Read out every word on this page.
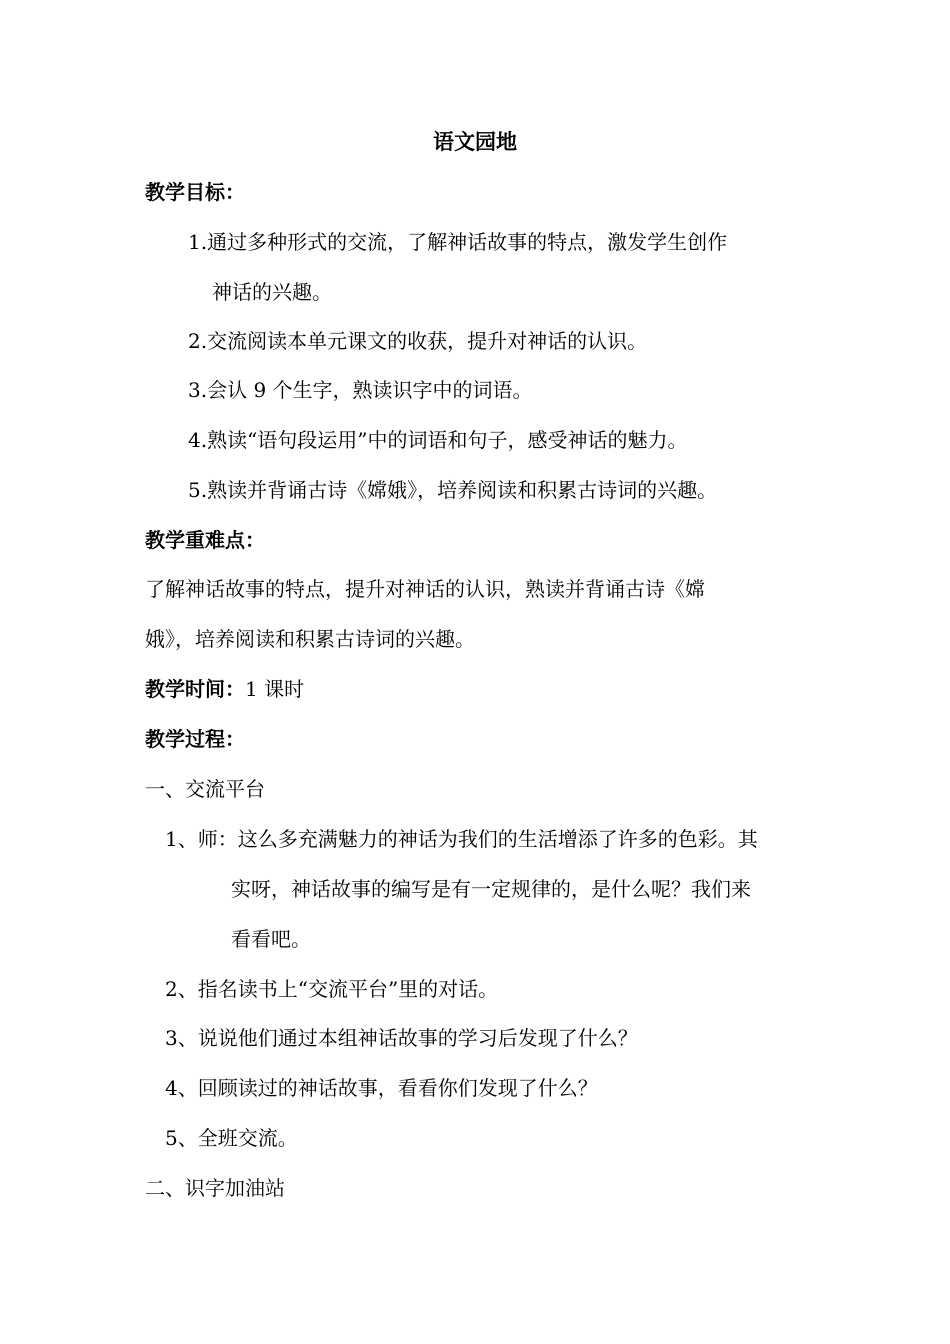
语文园地
教学目标：
1.通过多种形式的交流，了解神话故事的特点，激发学生创作
神话的兴趣。
2.交流阅读本单元课文的收获，提升对神话的认识。
3.会认 9 个生字，熟读识字中的词语。
4.熟读“语句段运用”中的词语和句子，感受神话的魅力。
5.熟读并背诵古诗《嫦娥》，培养阅读和积累古诗词的兴趣。
教学重难点：
了解神话故事的特点，提升对神话的认识，熟读并背诵古诗《嫦
娥》，培养阅读和积累古诗词的兴趣。
教学时间：1 课时
教学过程：
一、交流平台
1、师：这么多充满魅力的神话为我们的生活增添了许多的色彩。其
实呀，神话故事的编写是有一定规律的，是什么呢？我们来
看看吧。
2、指名读书上“交流平台”里的对话。
3、说说他们通过本组神话故事的学习后发现了什么？
4、回顾读过的神话故事，看看你们发现了什么？
5、全班交流。
二、识字加油站
